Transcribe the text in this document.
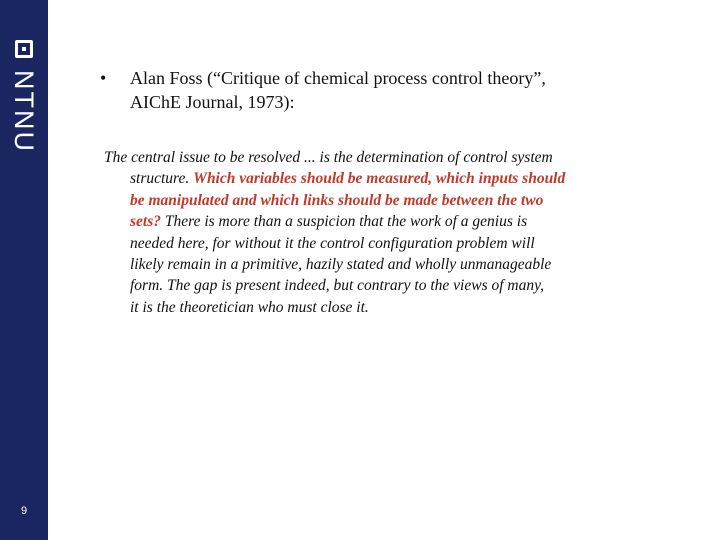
NTNU
9
• Alan Foss (“Critique of chemical process control theory”,
AIChE Journal, 1973):
The central issue to be resolved ... is the determination of control system
structure. Which variables should be measured, which inputs should
be manipulated and which links should be made between the two
sets? There is more than a suspicion that the work of a genius is
needed here, for without it the control configuration problem will
likely remain in a primitive, hazily stated and wholly unmanageable
form. The gap is present indeed, but contrary to the views of many,
it is the theoretician who must close it.
